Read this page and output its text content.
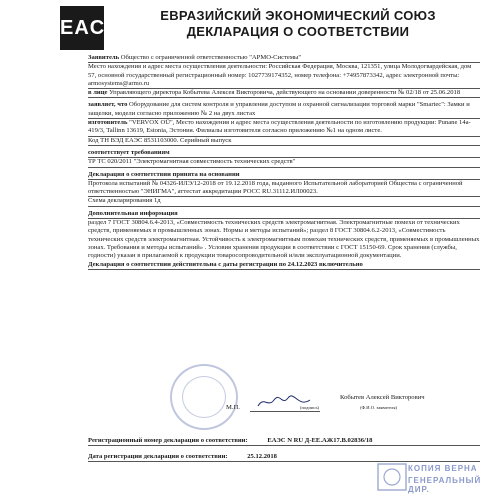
EAC
ЕВРАЗИЙСКИЙ ЭКОНОМИЧЕСКИЙ СОЮЗ
ДЕКЛАРАЦИЯ О СООТВЕТСТВИИ
Заявитель Общество с ограниченной ответственностью "АРМО-Системы"
Место нахождения и адрес места осуществления деятельности: Российская Федерация, Москва, 121351, улица Молодогвардейская, дом 57, основной государственный регистрационный номер: 1027739174352, номер телефона: +74957873342, адрес электронной почты: armosystems@armo.ru
в лице Управляющего директора Кобытева Алексея Викторовича, действующего на основании доверенности № 02/18 от 25.06.2018
заявляет, что Оборудование для систем контроля и управления доступом и охранной сигнализации торговой марки "Smartec": Замки и защелки, модели согласно приложению № 2 на двух листах
изготовитель "VERVOX OÜ", Место нахождения и адрес места осуществления деятельности по изготовлению продукции: Punane 14a-419/3, Tallinn 13619, Estonia, Эстония. Филиалы изготовителя согласно приложению №1 на одном листе.
Код ТН ВЭД ЕАЭС 8531103000. Серийный выпуск
соответствует требованиям
ТР ТС 020/2011 "Электромагнитная совместимость технических средств"
Декларация о соответствии принята на основании
Протокола испытаний № 04326-ИЛЭ/12-2018 от 19.12.2018 года, выданного Испытательной лабораторией Общества с ограниченной ответственностью "ЭНИГМА", аттестат аккредитации РОСС RU.31112.ИЛ00023.
Схема декларирования 1д
Дополнительная информация
раздел 7 ГОСТ 30804.6.4-2013, «Совместимость технических средств электромагнитная. Электромагнитные помехи от технических средств, применяемых в промышленных зонах. Нормы и методы испытаний»; раздел 8 ГОСТ 30804.6.2-2013, «Совместимость технических средств электромагнитная. Устойчивость к электромагнитным помехам технических средств, применяемых в промышленных зонах. Требования и методы испытаний» . Условия хранения продукции в соответствии с ГОСТ 15150-69. Срок хранения (службы, годности) указан в прилагаемой к продукции товаросопроводительной и/или эксплуатационной документации.
Декларация о соответствии действительна с даты регистрации по 24.12.2023 включительно
М.П.
Кобытев Алексей Викторович
(подпись)	(Ф.И.О. заявителя)
Регистрационный номер декларации о соответствии:	ЕАЭС N RU Д-ЕЕ.АЖ17.В.02836/18
Дата регистрации декларации о соответствии:	25.12.2018
КОПИЯ ВЕРНА
ГЕНЕРАЛЬНЫЙ ДИР.
